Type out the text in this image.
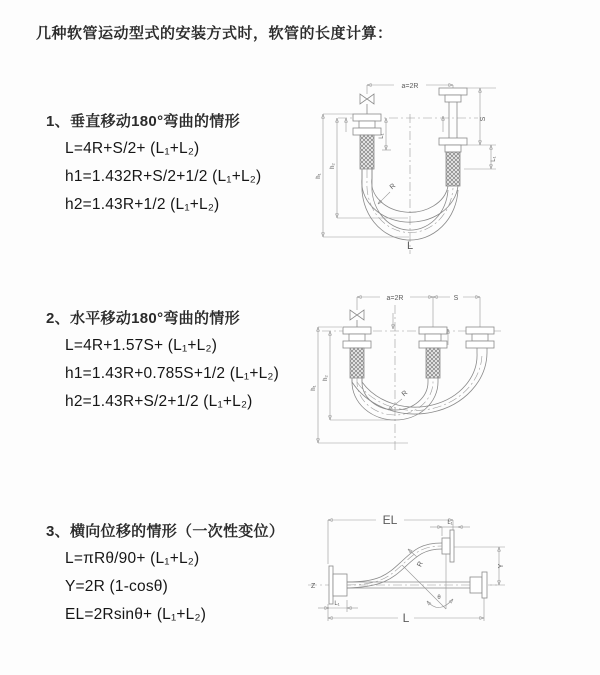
几种软管运动型式的安装方式时，软管的长度计算：

1、垂直移动180°弯曲的情形

L=4R+S/2+ (L₁+L₂)

h1=1.432R+S/2+1/2 (L₁+L₂)

h2=1.43R+1/2 (L₁+L₂)

2、水平移动180°弯曲的情形

L=4R+1.57S+ (L₁+L₂)

h1=1.43R+0.785S+1/2 (L₁+L₂)

h2=1.43R+S/2+1/2 (L₁+L₂)

3、横向位移的情形（一次性变位）

L=πRθ/90+ (L₁+L₂)

Y=2R (1-cosθ)

EL=2Rsinθ+ (L₁+L₂)

a=2R
L₁
S
L₁
R
h₁
h₂
L
a=2R	S
R
h₁
h₂
Z
EL	L₁
Y
R
θ
L₁
L
